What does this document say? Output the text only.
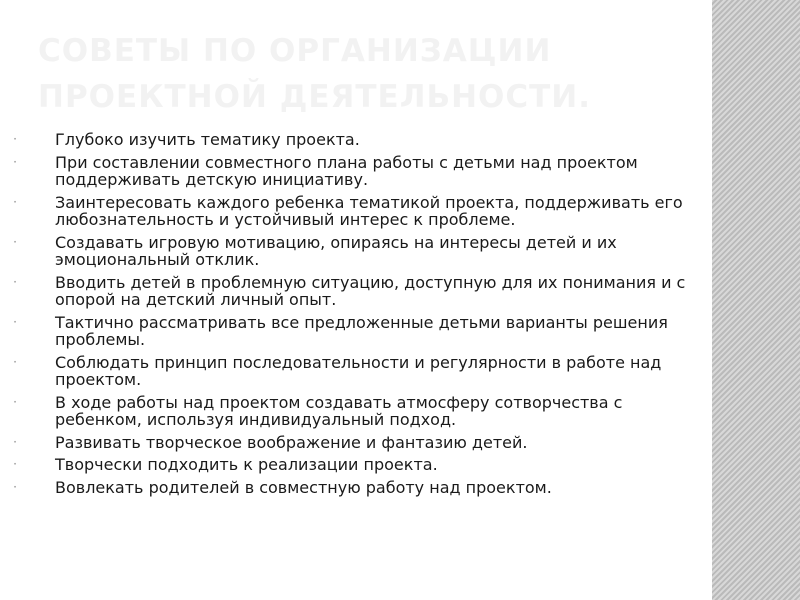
СОВЕТЫ ПО ОРГАНИЗАЦИИ ПРОЕКТНОЙ ДЕЯТЕЛЬНОСТИ.
·	Глубоко изучить тематику проекта.
·	При составлении совместного плана работы с детьми над проектом поддерживать детскую инициативу.
·	Заинтересовать каждого ребенка тематикой проекта, поддерживать его любознательность и устойчивый интерес к проблеме.
·	Создавать игровую мотивацию, опираясь на интересы детей и их эмоциональный отклик.
·	Вводить детей в проблемную ситуацию, доступную для их понимания и с опорой на детский личный опыт.
·	Тактично рассматривать все предложенные детьми варианты решения проблемы.
·	Соблюдать принцип последовательности и регулярности в работе над проектом.
·	В ходе работы над проектом создавать атмосферу сотворчества с ребенком, используя индивидуальный подход.
·	Развивать творческое воображение и фантазию детей.
·	Творчески подходить к реализации проекта.
·	Вовлекать родителей в совместную работу над проектом.
